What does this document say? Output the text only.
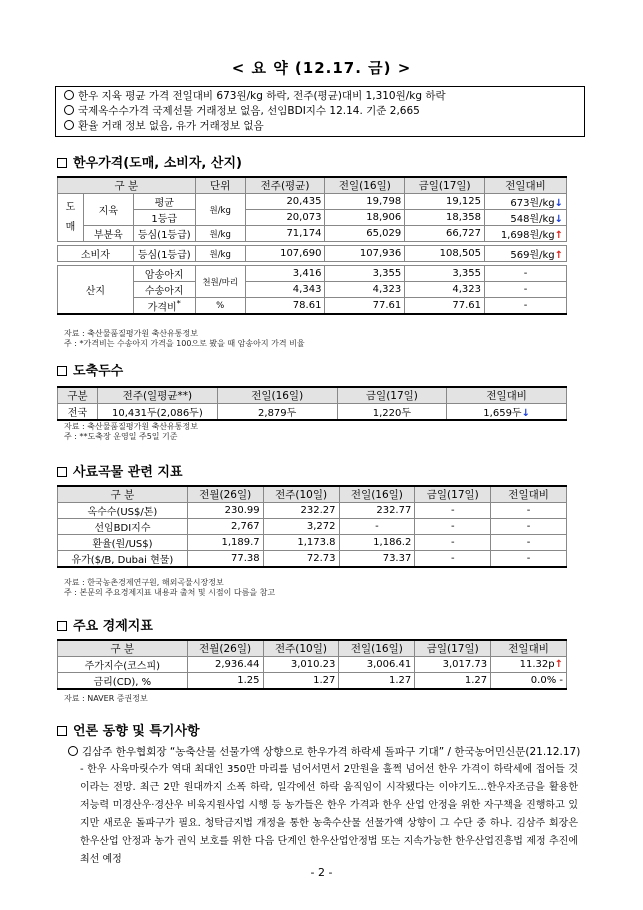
< 요 약 (12.17. 금) >
한우 지육 평균 가격 전일대비 673원/kg 하락, 전주(평균)대비 1,310원/kg 하락
국제옥수수가격 국제선물 거래정보 없음, 선임BDI지수 12.14. 기준 2,665
환율 거래 정보 없음, 유가 거래정보 없음
한우가격(도매, 소비자, 산지)
구 분			단위	전주(평균)	전일(16일)	금일(17일)	전일대비
도매	지육	평균	원/kg	20,435	19,798	19,125	673원/kg↓
		1등급		20,073	18,906	18,358	548원/kg↓
	부분육	등심(1등급)	원/kg	71,174	65,029	66,727	1,698원/kg↑

소비자		등심(1등급)	원/kg	107,690	107,936	108,505	569원/kg↑

산지		암송아지	천원/마리	3,416	3,355	3,355	-
		수송아지		4,343	4,323	4,323	-
		가격비*	%	78.61	77.61	77.61	-
자료 : 축산물품질평가원 축산유통정보
주 : *가격비는 수송아지 가격을 100으로 봤을 때 암송아지 가격 비율
도축두수
구분	전주(일평균**)	전일(16일)	금일(17일)	전일대비
전국	10,431두(2,086두)	2,879두	1,220두	1,659두↓
자료 : 축산물품질평가원 축산유통정보
주 : **도축장 운영일 주5일 기준
사료곡물 관련 지표
구 분	전월(26일)	전주(10일)	전일(16일)	금일(17일)	전일대비
옥수수(US$/톤)	230.99	232.27	232.77	-	-
선임BDI지수	2,767	3,272	-	-	-
환율(원/US$)	1,189.7	1,173.8	1,186.2	-	-
유가($/B, Dubai 현물)	77.38	72.73	73.37	-	-
자료 : 한국농촌경제연구원, 해외곡물시장정보
주 : 본문의 주요경제지표 내용과 출처 및 시점이 다름을 참고
주요 경제지표
구 분	전월(26일)	전주(10일)	전일(16일)	금일(17일)	전일대비
주가지수(코스피)	2,936.44	3,010.23	3,006.41	3,017.73	11.32p↑
금리(CD), %	1.25	1.27	1.27	1.27	0.0% -
자료 : NAVER 증권정보
언론 동향 및 특기사항
김삼주 한우협회장 “농축산물 선물가액 상향으로 한우가격 하락세 돌파구 기대” / 한국농어민신문(21.12.17)
- 한우 사육마릿수가 역대 최대인 350만 마리를 넘어서면서 2만원을 훌쩍 넘어선 한우 가격이 하락세에 접어들 것이라는 전망. 최근 2만 원대까지 소폭 하락, 일각에선 하락 움직임이 시작됐다는 이야기도...한우자조금을 활용한 저능력 미경산우·경산우 비육지원사업 시행 등 농가들은 한우 가격과 한우 산업 안정을 위한 자구책을 진행하고 있지만 새로운 돌파구가 필요. 청탁금지법 개정을 통한 농축수산물 선물가액 상향이 그 수단 중 하나. 김삼주 회장은 한우산업 안정과 농가 권익 보호를 위한 다음 단계인 한우산업안정법 또는 지속가능한 한우산업진흥법 제정 추진에 최선 예정
- 2 -
